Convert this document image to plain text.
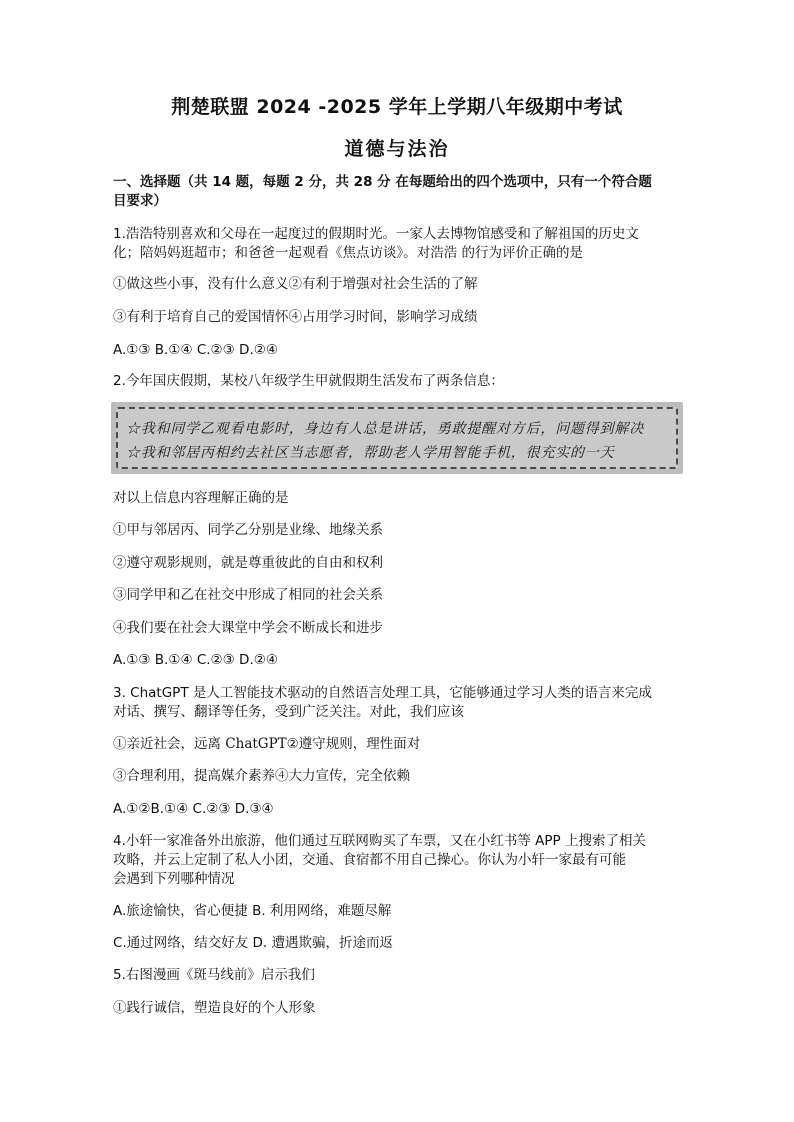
荆楚联盟 2024 -2025 学年上学期八年级期中考试
道德与法治
一、选择题（共 14 题，每题 2 分，共 28 分 在每题给出的四个选项中，只有一个符合题
目要求）
1.浩浩特别喜欢和父母在一起度过的假期时光。一家人去博物馆感受和了解祖国的历史文
化；陪妈妈逛超市；和爸爸一起观看《焦点访谈》。对浩浩 的行为评价正确的是
①做这些小事，没有什么意义②有利于增强对社会生活的了解
③有利于培育自己的爱国情怀④占用学习时间，影响学习成绩
A.①③ B.①④ C.②③ D.②④
2.今年国庆假期，某校八年级学生甲就假期生活发布了两条信息：
☆我和同学乙观看电影时，身边有人总是讲话，勇敢提醒对方后，问题得到解决
☆我和邻居丙相约去社区当志愿者，帮助老人学用智能手机，很充实的一天
对以上信息内容理解正确的是
①甲与邻居丙、同学乙分别是业缘、地缘关系
②遵守观影规则，就是尊重彼此的自由和权利
③同学甲和乙在社交中形成了相同的社会关系
④我们要在社会大课堂中学会不断成长和进步
A.①③ B.①④ C.②③ D.②④
3. ChatGPT 是人工智能技术驱动的自然语言处理工具，它能够通过学习人类的语言来完成
对话、撰写、翻译等任务，受到广泛关注。对此，我们应该
①亲近社会，远离 ChatGPT②遵守规则，理性面对
③合理利用，提高媒介素养④大力宣传，完全依赖
A.①②B.①④ C.②③ D.③④
4.小轩一家准备外出旅游，他们通过互联网购买了车票，又在小红书等 APP 上搜索了相关
攻略，并云上定制了私人小团，交通、食宿都不用自己操心。你认为小轩一家最有可能
会遇到下列哪种情况
A.旅途愉快，省心便捷 B. 利用网络，难题尽解
C.通过网络，结交好友 D. 遭遇欺骗，折途而返
5.右图漫画《斑马线前》启示我们
①践行诚信，塑造良好的个人形象
